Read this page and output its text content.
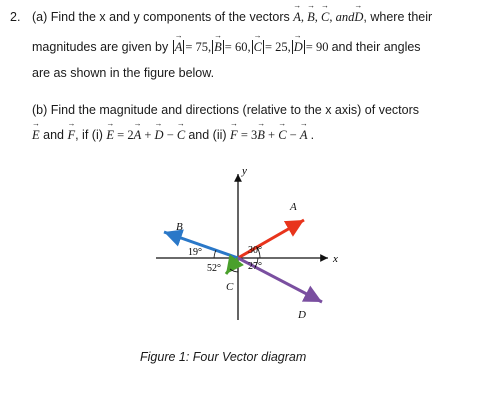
2. (a) Find the x and y components of the vectors → A, → B, → C, and→ D, where their
magnitudes are given by → A = 75, → B = 60, → C = 25, → D = 90 and their angles
are as shown in the figure below.
(b) Find the magnitude and directions (relative to the x axis) of vectors
→ E and → F, if (i) → E = 2→ A + → D − → C and (ii) → F = 3→ B + → C − → A .
y
x
A
B
C
D
19°
52°
30°
27°
Figure 1: Four Vector diagram
